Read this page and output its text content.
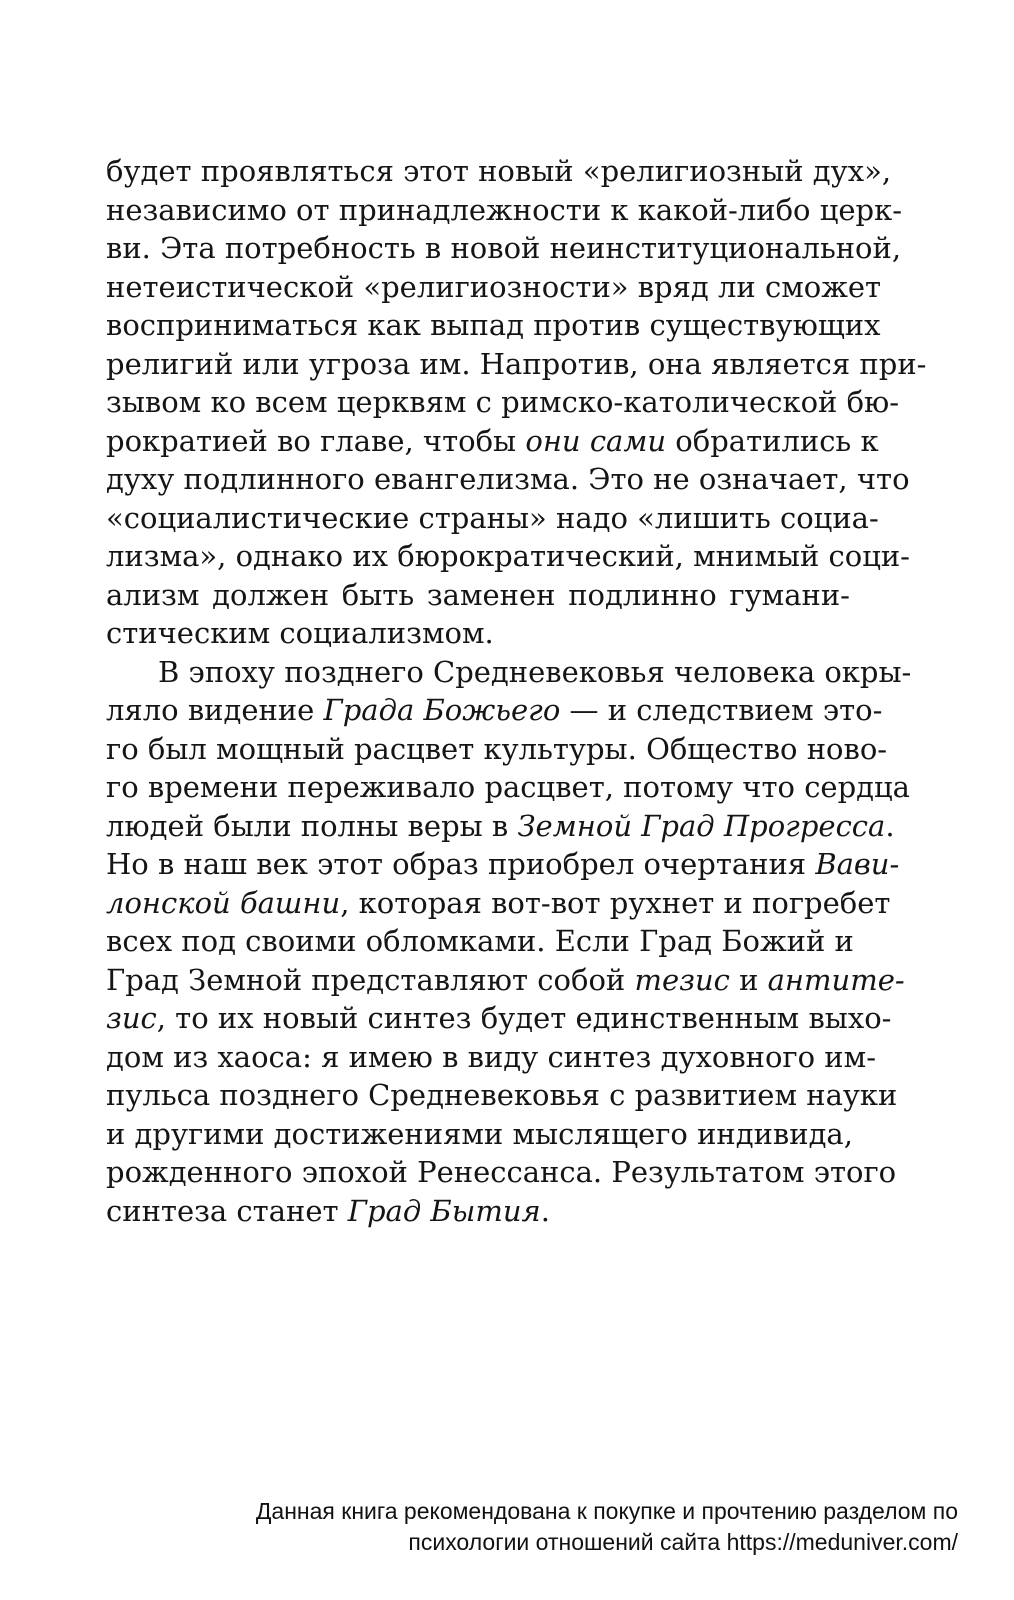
будет проявляться этот новый «религиозный дух»,
независимо от принадлежности к какой-либо церк-
ви. Эта потребность в новой неинституциональной,
нетеистической «религиозности» вряд ли сможет
восприниматься как выпад против существующих
религий или угроза им. Напротив, она является при-
зывом ко всем церквям с римско-католической бю-
рократией во главе, чтобы они сами обратились к
духу подлинного евангелизма. Это не означает, что
«социалистические страны» надо «лишить социа-
лизма», однако их бюрократический, мнимый соци-
ализм должен быть заменен подлинно гумани-
стическим социализмом.
В эпоху позднего Средневековья человека окры-
ляло видение Града Божьего — и следствием это-
го был мощный расцвет культуры. Общество ново-
го времени переживало расцвет, потому что сердца
людей были полны веры в Земной Град Прогресса.
Но в наш век этот образ приобрел очертания Вави-
лонской башни, которая вот-вот рухнет и погребет
всех под своими обломками. Если Град Божий и
Град Земной представляют собой тезис и антите-
зис, то их новый синтез будет единственным выхо-
дом из хаоса: я имею в виду синтез духовного им-
пульса позднего Средневековья с развитием науки
и другими достижениями мыслящего индивида,
рожденного эпохой Ренессанса. Результатом этого
синтеза станет Град Бытия.
Данная книга рекомендована к покупке и прочтению разделом по
психологии отношений сайта https://meduniver.com/
